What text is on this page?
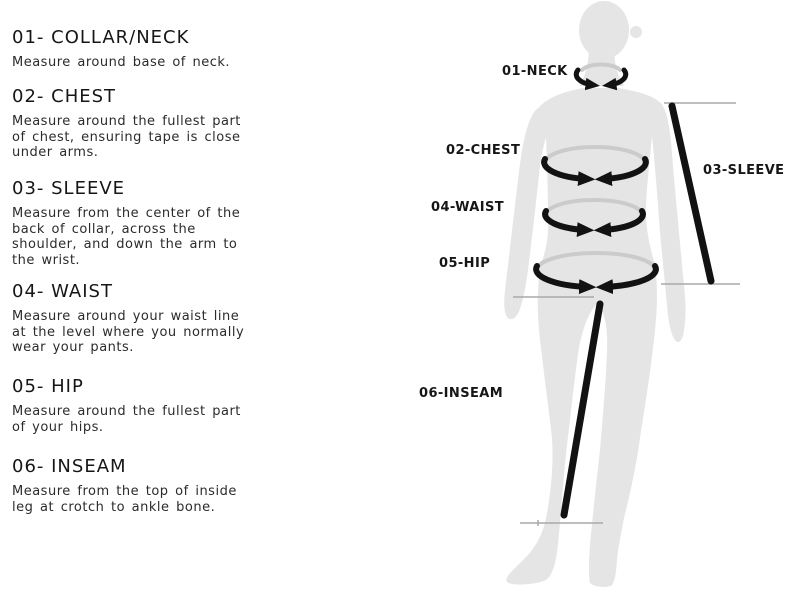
01- COLLAR/NECK

Measure around base of neck.

02- CHEST

Measure around the fullest part of chest, ensuring tape is close under arms.

03- SLEEVE

Measure from the center of the back of collar, across the shoulder, and down the arm to the wrist.

04- WAIST

Measure around your waist line at the level where you normally wear your pants.

05- HIP

Measure around the fullest part of your hips.

06- INSEAM

Measure from the top of inside leg at crotch to ankle bone.

01-NECK
02-CHEST
03-SLEEVE
04-WAIST
05-HIP
06-INSEAM
